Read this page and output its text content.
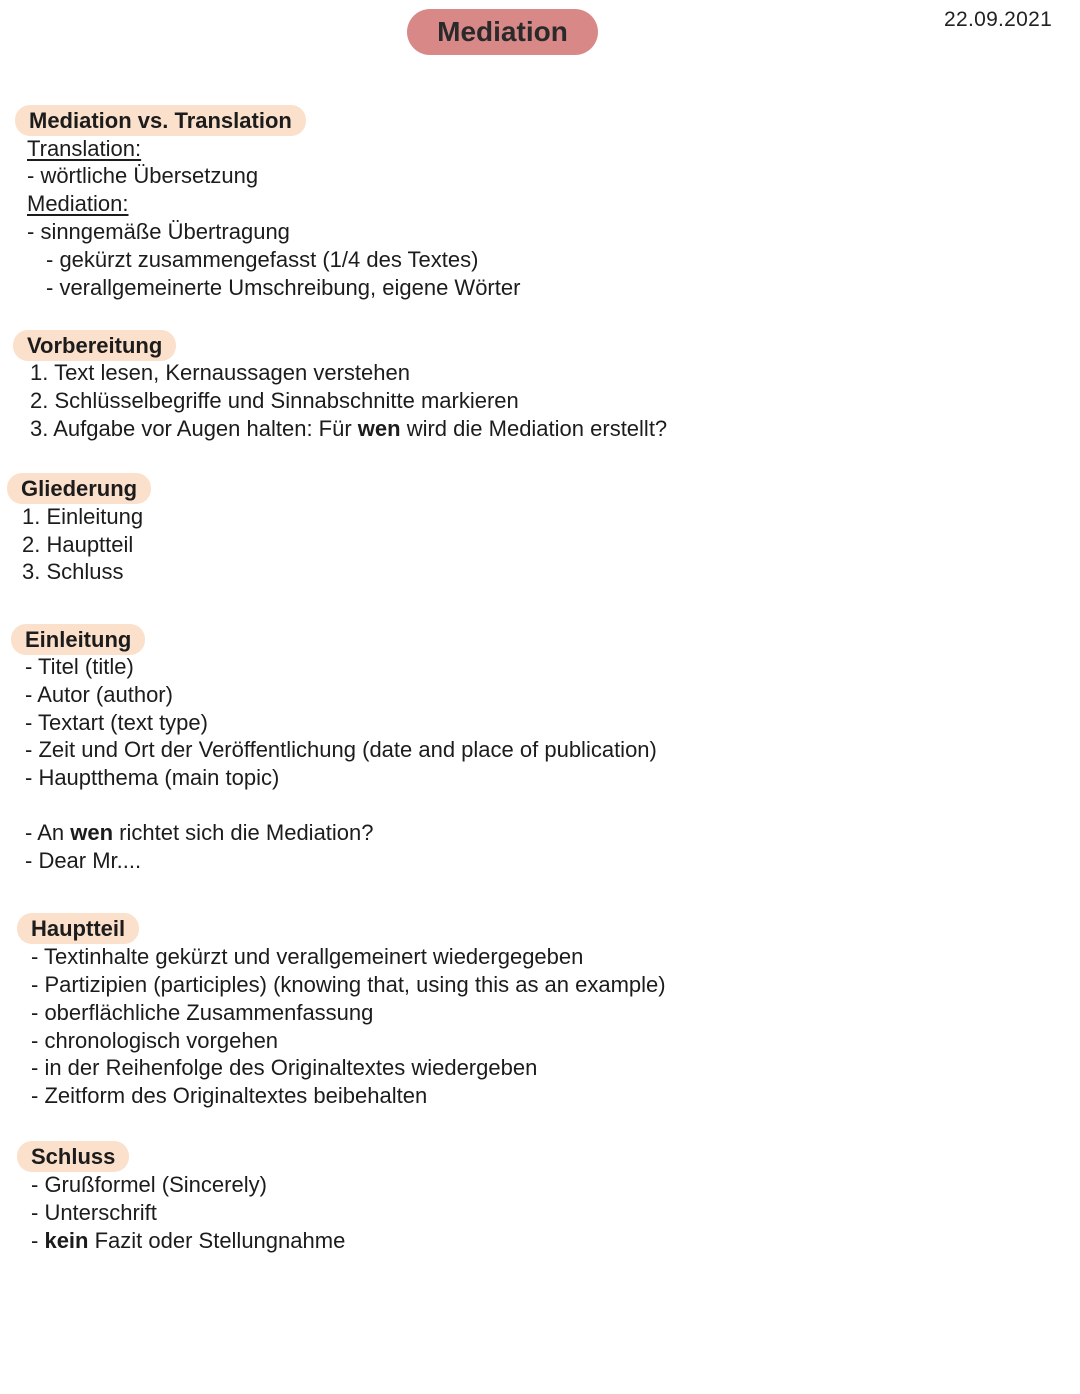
Mediation	22.09.2021
Mediation vs. Translation
Translation:
- wörtliche Übersetzung
Mediation:
- sinngemäße Übertragung
- gekürzt zusammengefasst (1/4 des Textes)
- verallgemeinerte Umschreibung, eigene Wörter
Vorbereitung
1. Text lesen, Kernaussagen verstehen
2. Schlüsselbegriffe und Sinnabschnitte markieren
3. Aufgabe vor Augen halten: Für wen wird die Mediation erstellt?
Gliederung
1. Einleitung
2. Hauptteil
3. Schluss
Einleitung
- Titel (title)
- Autor (author)
- Textart (text type)
- Zeit und Ort der Veröffentlichung (date and place of publication)
- Hauptthema (main topic)
- An wen richtet sich die Mediation?
- Dear Mr....
Hauptteil
- Textinhalte gekürzt und verallgemeinert wiedergegeben
- Partizipien (participles) (knowing that, using this as an example)
- oberflächliche Zusammenfassung
- chronologisch vorgehen
- in der Reihenfolge des Originaltextes wiedergeben
- Zeitform des Originaltextes beibehalten
Schluss
- Grußformel (Sincerely)
- Unterschrift
- kein Fazit oder Stellungnahme
